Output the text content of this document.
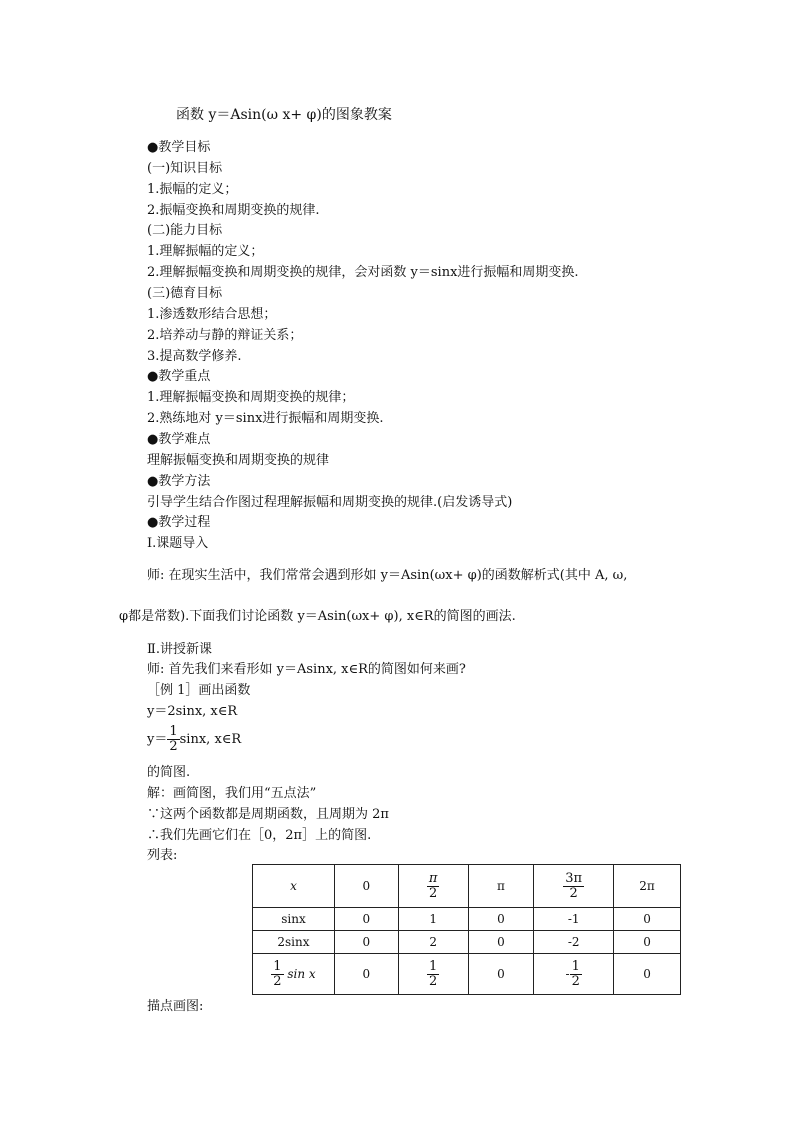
函数 y＝Asin(ω x+ φ)的图象教案
●教学目标
(一)知识目标
1.振幅的定义；
2.振幅变换和周期变换的规律.
(二)能力目标
1.理解振幅的定义；
2.理解振幅变换和周期变换的规律，会对函数 y＝sinx进行振幅和周期变换.
(三)德育目标
1.渗透数形结合思想；
2.培养动与静的辩证关系；
3.提高数学修养.
●教学重点
1.理解振幅变换和周期变换的规律；
2.熟练地对 y＝sinx进行振幅和周期变换.
●教学难点
理解振幅变换和周期变换的规律
●教学方法
引导学生结合作图过程理解振幅和周期变换的规律.(启发诱导式)
●教学过程
Ⅰ.课题导入
师: 在现实生活中，我们常常会遇到形如 y＝Asin(ωx+ φ)的函数解析式(其中 A, ω,
φ都是常数).下面我们讨论函数 y＝Asin(ωx+ φ), x∈R的简图的画法.
Ⅱ.讲授新课
师: 首先我们来看形如 y＝Asinx, x∈R的简图如何来画?
［例 1］画出函数
y＝2sinx, x∈R
$y= \frac{1}{2} \sin x$, x∈R
的简图.
解：画简图，我们用“五点法”
∵这两个函数都是周期函数，且周期为 2π
∴我们先画它们在［0，2π］上的简图.
列表:
x	0	$\frac{\pi}{2}$	π	$\frac{3\pi}{2}$	2π
sinx	0	1	0	-1	0
2sinx	0	2	0	-2	0

$\frac{1}{2}$ sin x	0	$\frac{1}{2}$	0	- $\frac{1}{2}$	0
描点画图:
